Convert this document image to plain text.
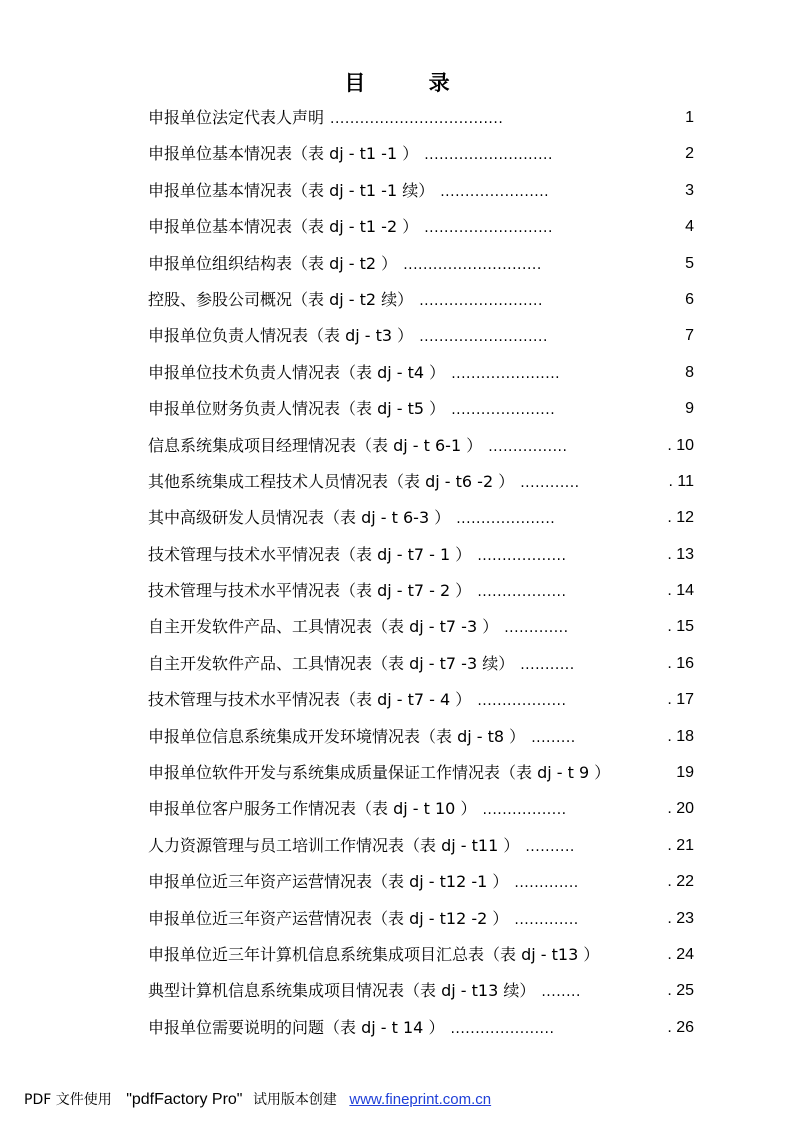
目 录
申报单位法定代表人声明 ...................................	1
申报单位基本情况表（表 dj - t1 -1 ） ..........................	2
申报单位基本情况表（表 dj - t1 -1 续） ......................	3
申报单位基本情况表（表 dj - t1 -2 ） ..........................	4
申报单位组织结构表（表 dj - t2 ） ............................	5
控股、参股公司概况（表 dj - t2 续） .........................	6
申报单位负责人情况表（表 dj - t3 ） ..........................	7
申报单位技术负责人情况表（表 dj - t4 ） ......................	8
申报单位财务负责人情况表（表 dj - t5 ） .....................	9
信息系统集成项目经理情况表（表 dj - t 6-1 ） ................	. 10
其他系统集成工程技术人员情况表（表 dj - t6 -2 ） ............	. 11
其中高级研发人员情况表（表 dj - t 6-3 ） ....................	. 12
技术管理与技术水平情况表（表 dj - t7 - 1 ） ..................	. 13
技术管理与技术水平情况表（表 dj - t7 - 2 ） ..................	. 14
自主开发软件产品、工具情况表（表 dj - t7 -3 ） .............	. 15
自主开发软件产品、工具情况表（表 dj - t7 -3 续） ...........	. 16
技术管理与技术水平情况表（表 dj - t7 - 4 ） ..................	. 17
申报单位信息系统集成开发环境情况表（表 dj - t8 ） .........	. 18
申报单位软件开发与系统集成质量保证工作情况表（表 dj - t 9 ）	19
申报单位客户服务工作情况表（表 dj - t 10 ） .................	. 20
人力资源管理与员工培训工作情况表（表 dj - t11 ） ..........	. 21
申报单位近三年资产运营情况表（表 dj - t12 -1 ） .............	. 22
申报单位近三年资产运营情况表（表 dj - t12 -2 ） .............	. 23
申报单位近三年计算机信息系统集成项目汇总表（表 dj - t13 ）	. 24
典型计算机信息系统集成项目情况表（表 dj - t13 续） ........	. 25
申报单位需要说明的问题（表 dj - t 14 ） .....................	. 26
PDF 文件使用 "pdfFactory Pro" 试用版本创建 www.fineprint.com.cn
